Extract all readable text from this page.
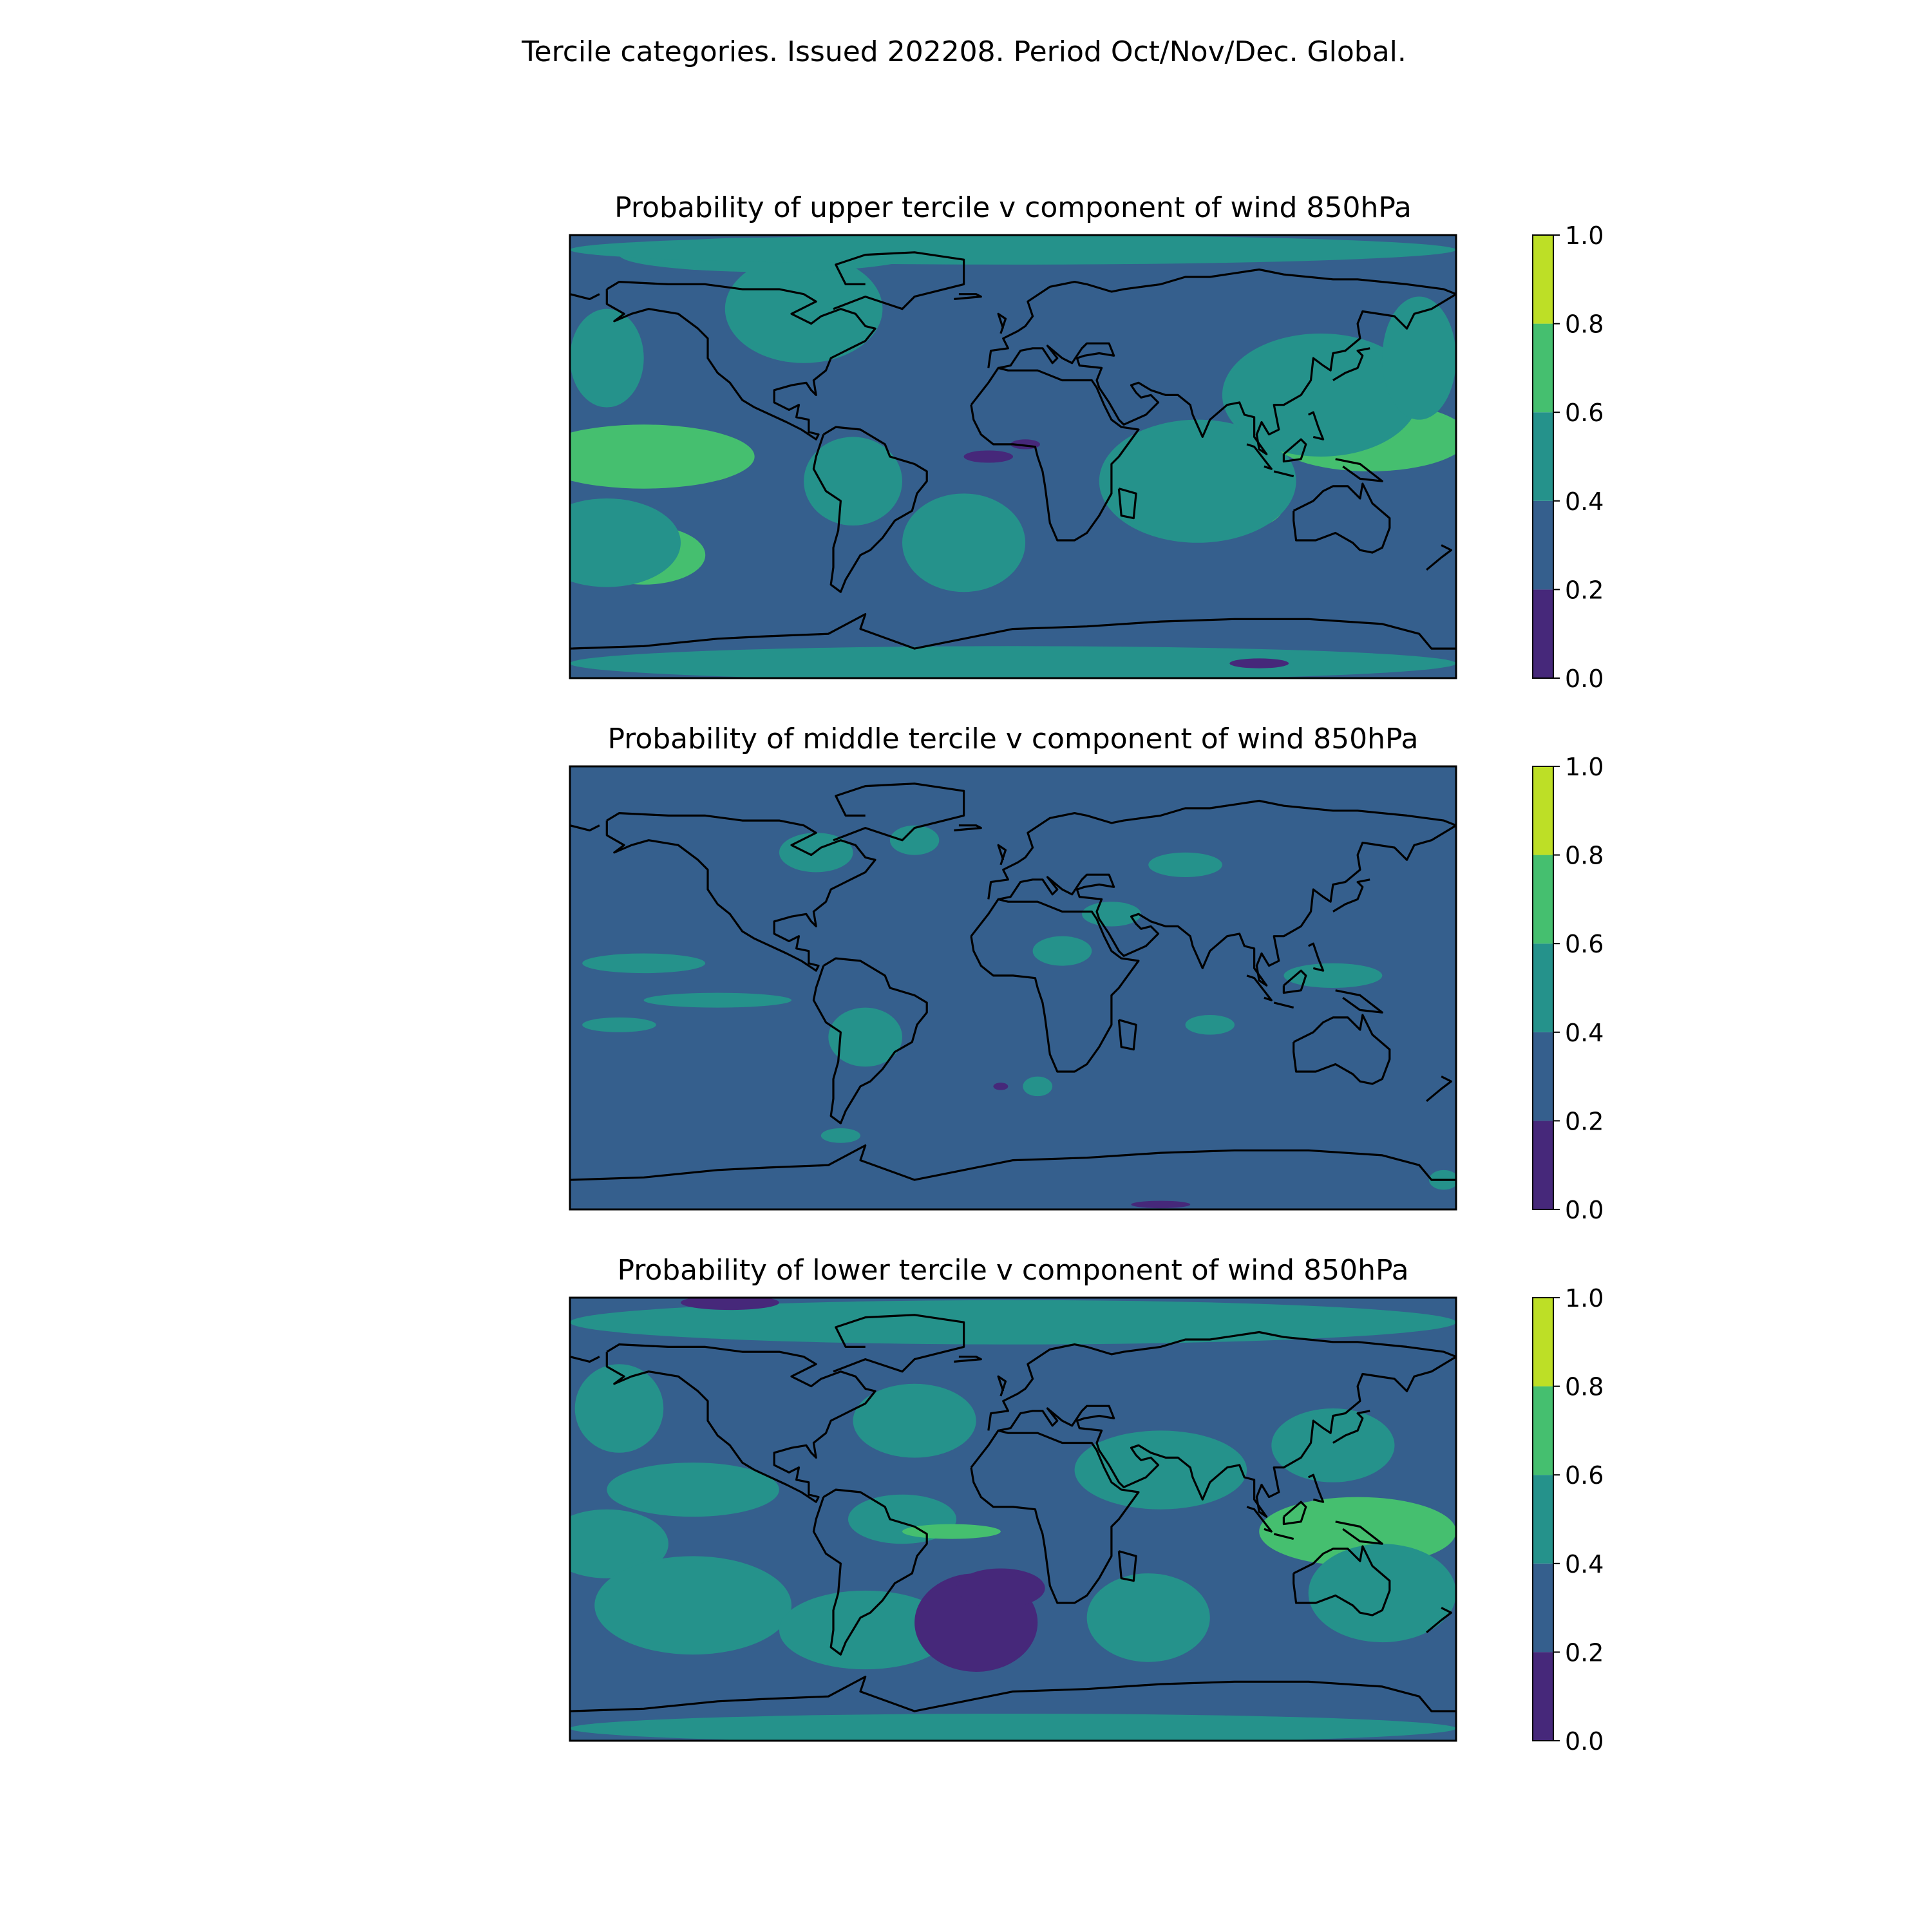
Tercile categories. Issued 202208. Period Oct/Nov/Dec. Global.
Probability of upper tercile v component of wind 850hPa
0.0
0.2
0.4
0.6
0.8
1.0
Probability of middle tercile v component of wind 850hPa
0.0
0.2
0.4
0.6
0.8
1.0
Probability of lower tercile v component of wind 850hPa
0.0
0.2
0.4
0.6
0.8
1.0
